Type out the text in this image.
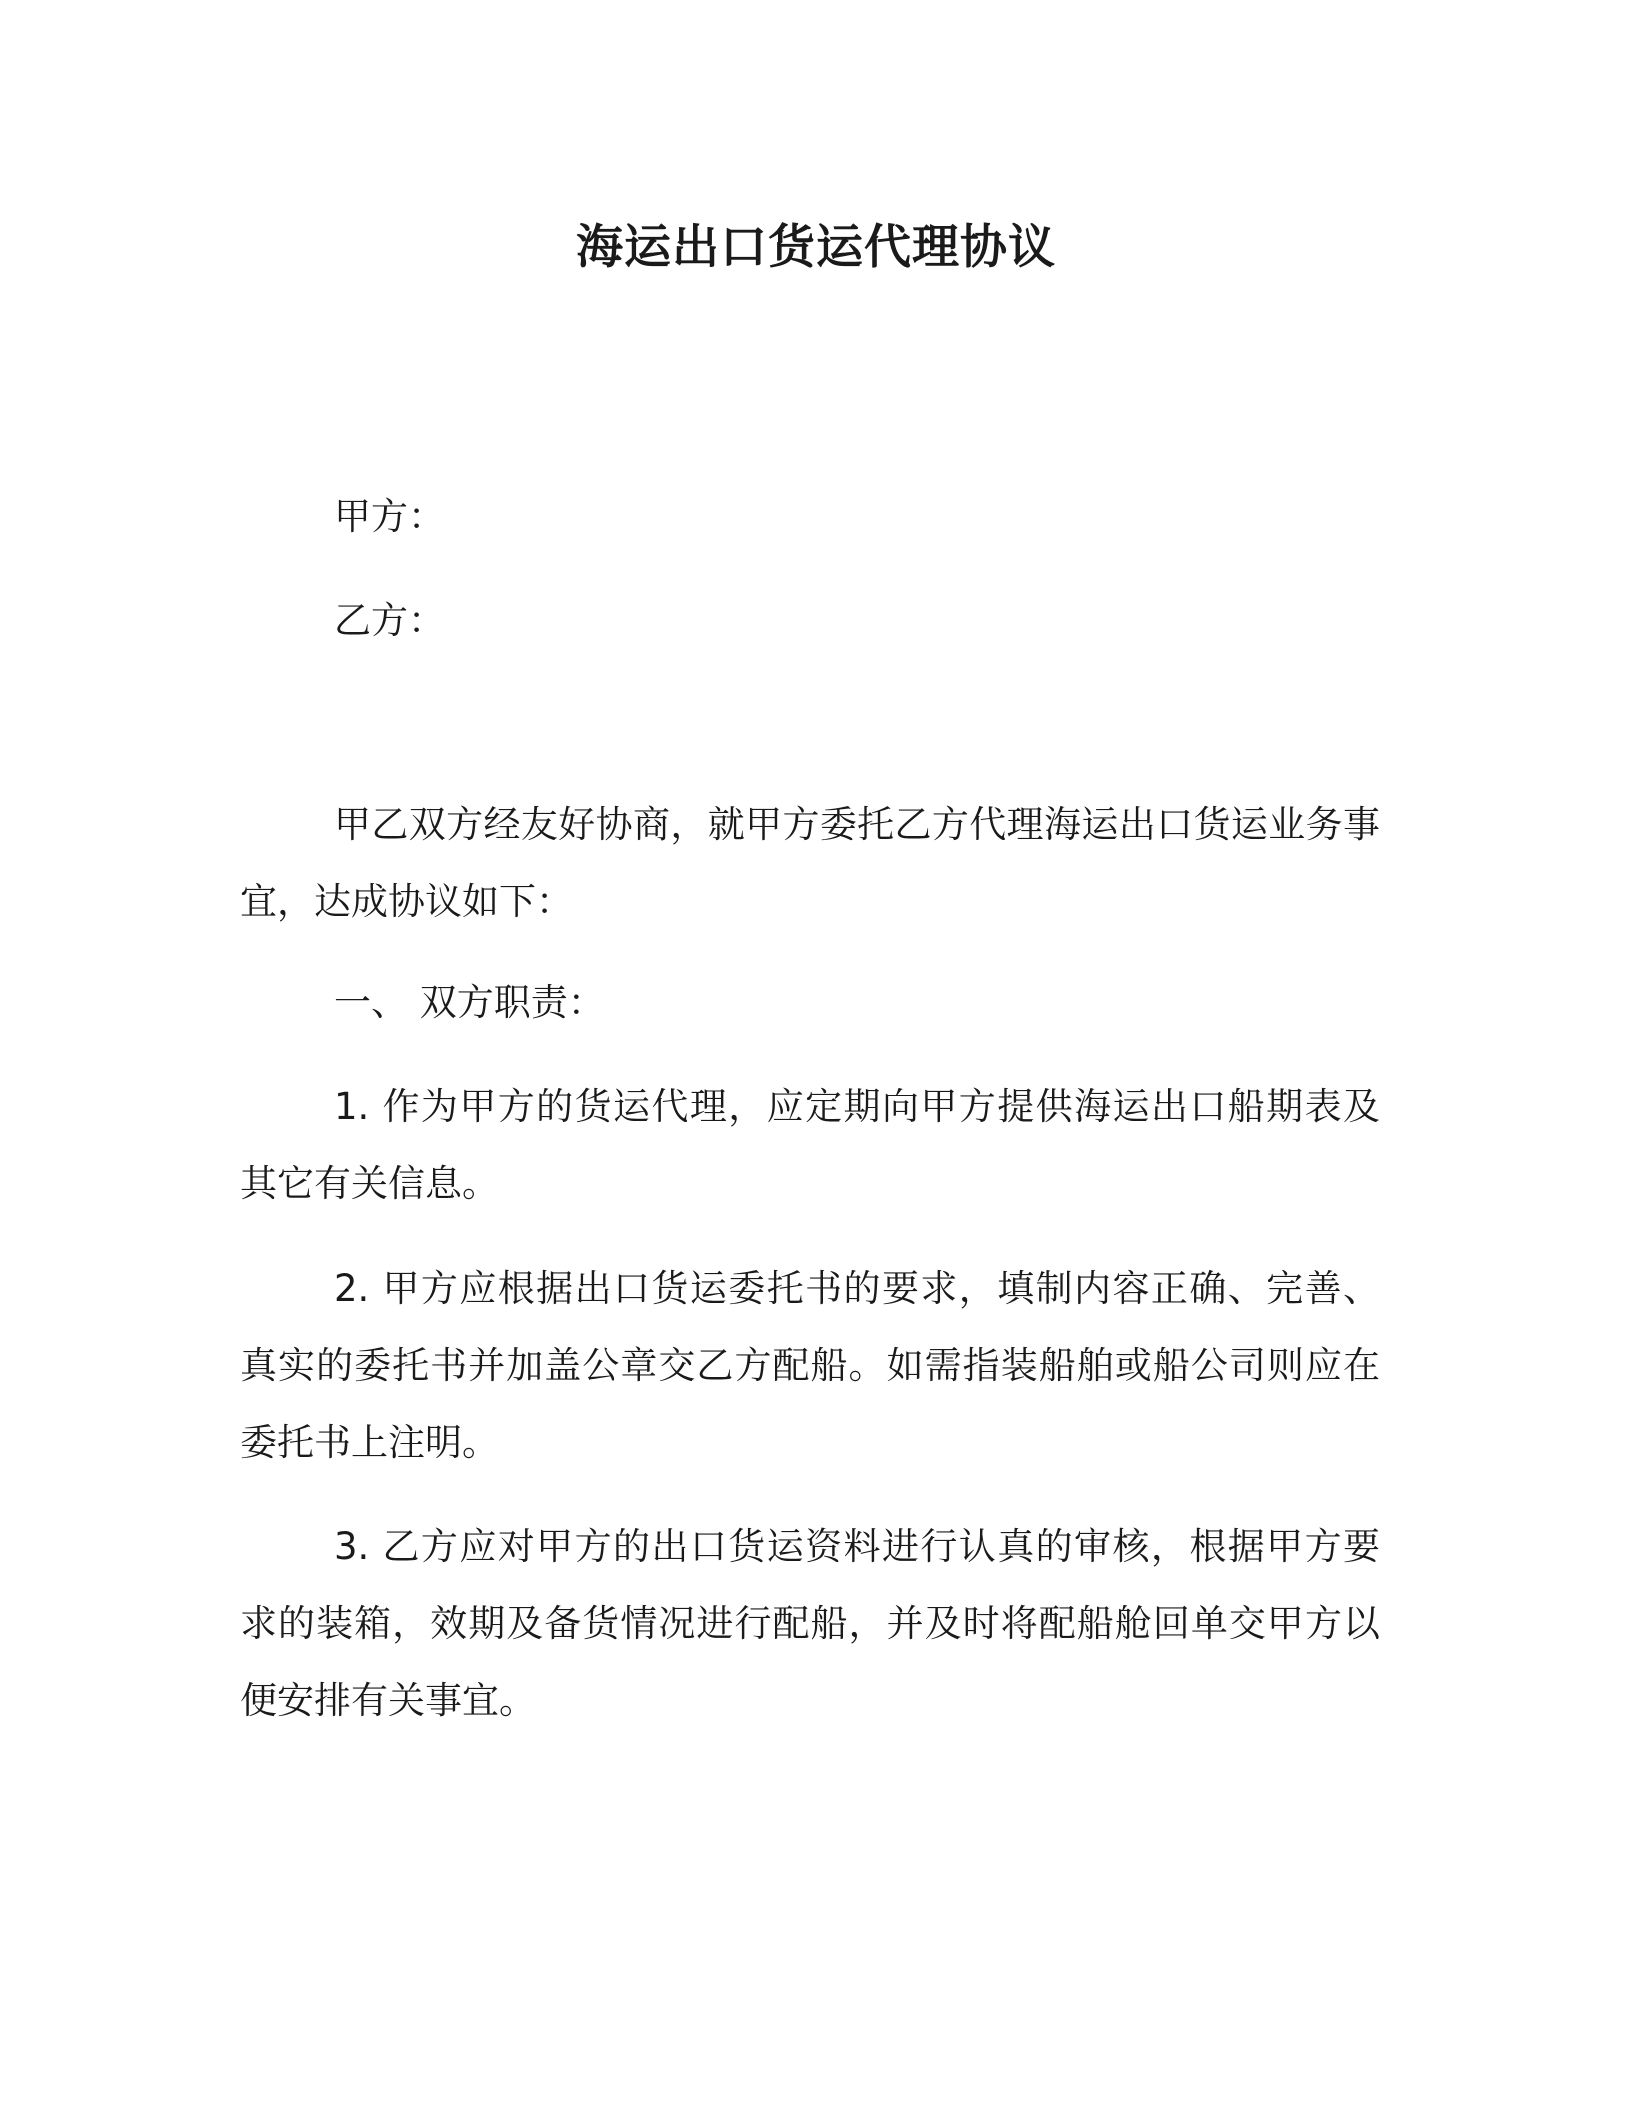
海运出口货运代理协议
甲方：
乙方：
甲乙双方经友好协商，就甲方委托乙方代理海运出口货运业务事宜，达成协议如下：
一、 双方职责：
1. 作为甲方的货运代理，应定期向甲方提供海运出口船期表及其它有关信息。
2. 甲方应根据出口货运委托书的要求，填制内容正确、完善、真实的委托书并加盖公章交乙方配船。如需指装船舶或船公司则应在委托书上注明。
3. 乙方应对甲方的出口货运资料进行认真的审核，根据甲方要求的装箱，效期及备货情况进行配船，并及时将配船舱回单交甲方以便安排有关事宜。
